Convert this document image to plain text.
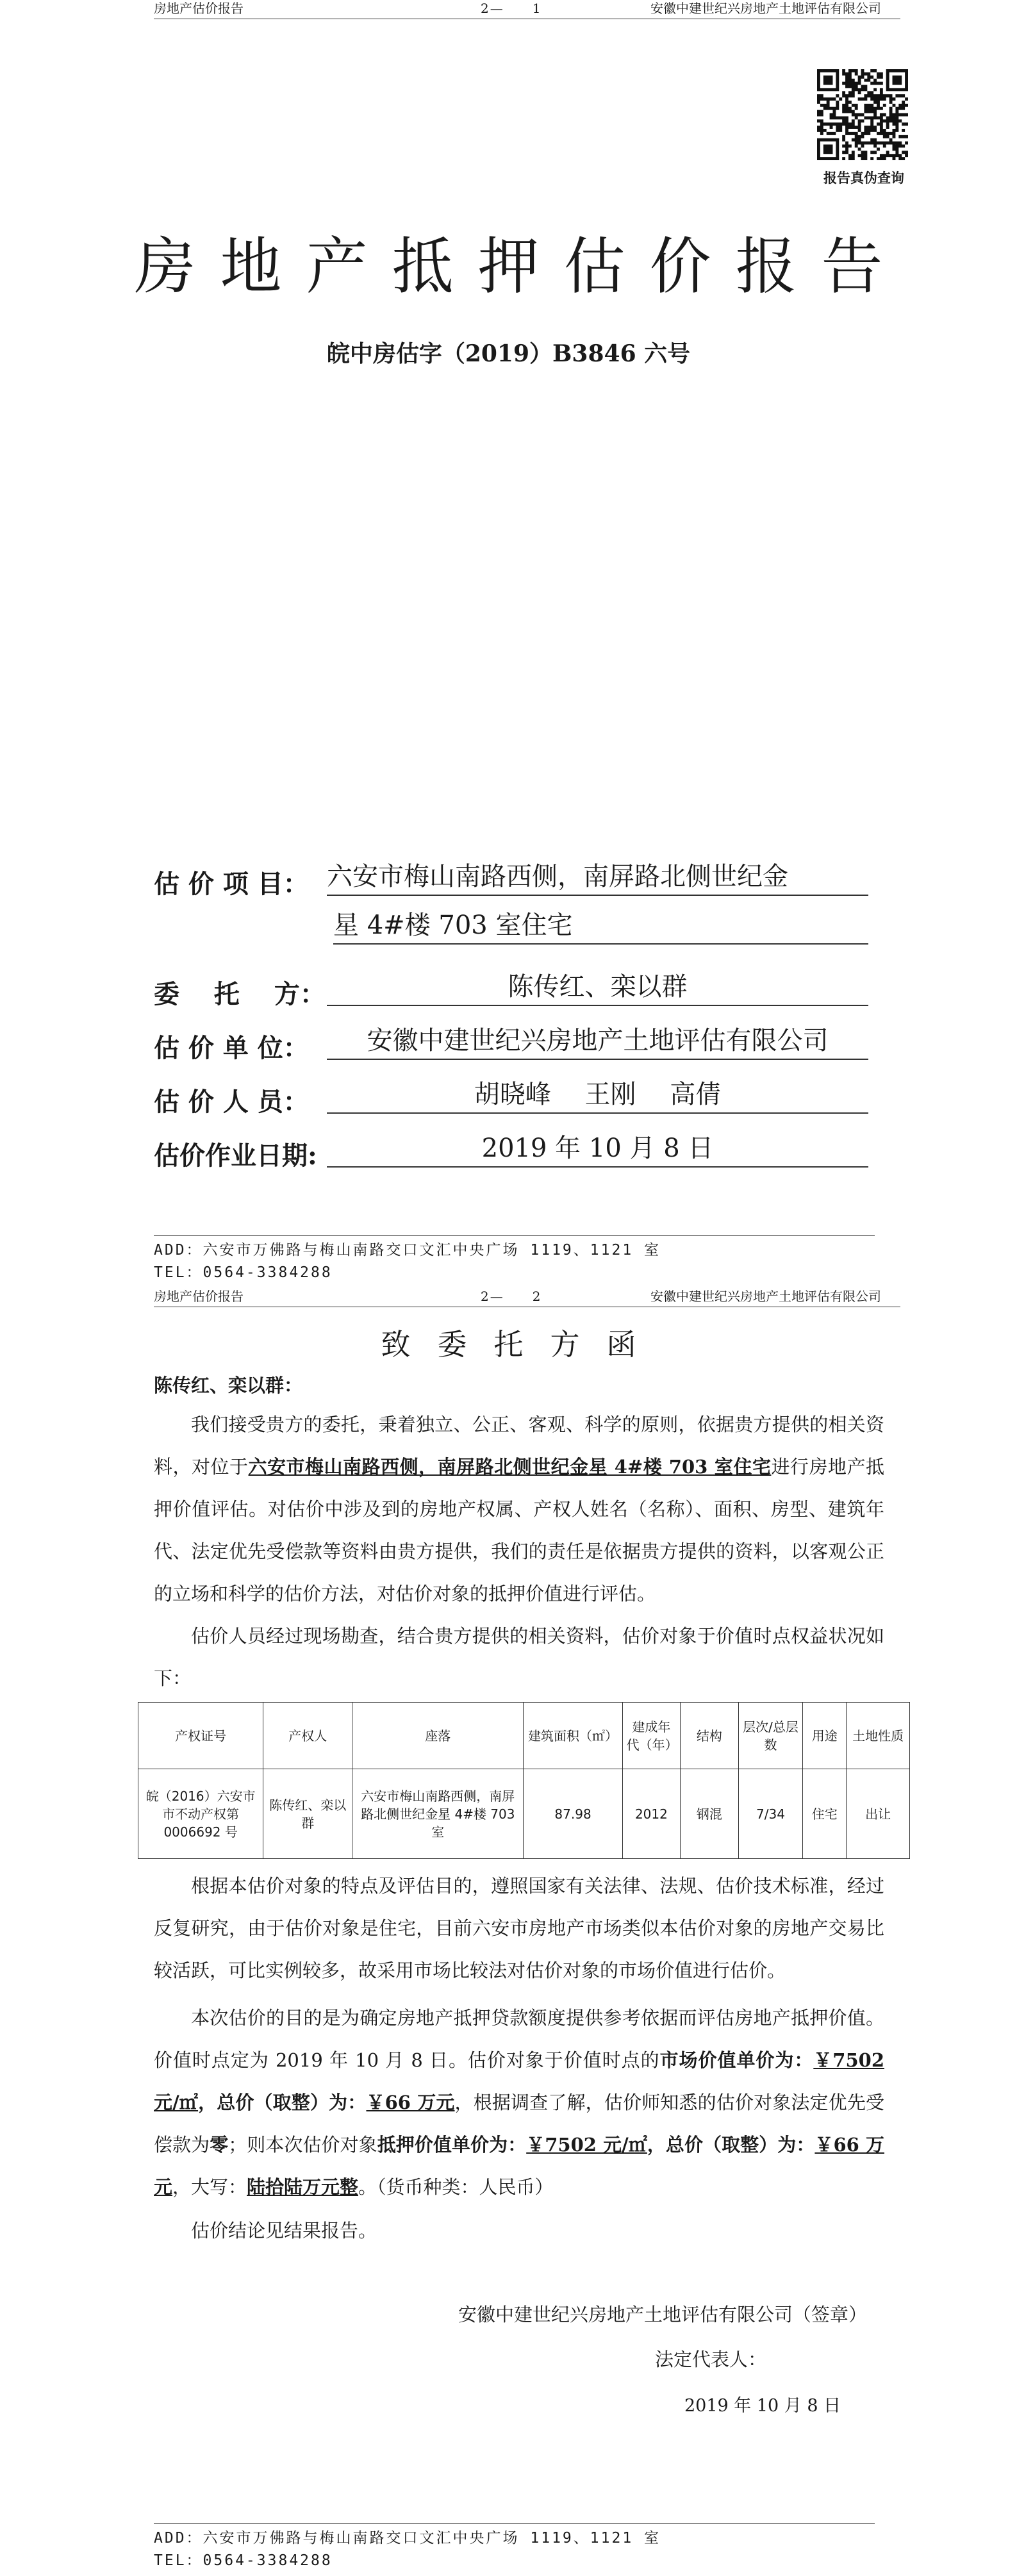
房地产估价报告	2—　　1	安徽中建世纪兴房地产土地评估有限公司
报告真伪查询
房地产抵押估价报告
皖中房估字（2019）B3846 六号
估 价 项 目： 六安市梅山南路西侧，南屏路北侧世纪金
星 4#楼 703 室住宅
委　 托　 方：	陈传红、栾以群
估 价 单 位：	安徽中建世纪兴房地产土地评估有限公司
估 价 人 员：	胡晓峰　 王刚　 高倩
估价作业日期:	2019 年 10 月 8 日
ADD：六安市万佛路与梅山南路交口文汇中央广场 1119、1121 室
TEL：0564-3384288
房地产估价报告	2—　　2	安徽中建世纪兴房地产土地评估有限公司
致委托方函
陈传红、栾以群：
我们接受贵方的委托，秉着独立、公正、客观、科学的原则，依据贵方提供的相关资料，对位于六安市梅山南路西侧，南屏路北侧世纪金星 4#楼 703 室住宅进行房地产抵押价值评估。对估价中涉及到的房地产权属、产权人姓名（名称）、面积、房型、建筑年代、法定优先受偿款等资料由贵方提供，我们的责任是依据贵方提供的资料，以客观公正的立场和科学的估价方法，对估价对象的抵押价值进行评估。
估价人员经过现场勘查，结合贵方提供的相关资料，估价对象于价值时点权益状况如下：
产权证号	产权人	座落	建筑面积（㎡）	建成年代（年）	结构	层次/总层数	用途	土地性质
皖（2016）六安市市不动产权第 0006692 号	陈传红、栾以群	六安市梅山南路西侧，南屏路北侧世纪金星 4#楼 703 室	87.98	2012	钢混	7/34	住宅	出让
根据本估价对象的特点及评估目的，遵照国家有关法律、法规、估价技术标准，经过反复研究，由于估价对象是住宅，目前六安市房地产市场类似本估价对象的房地产交易比较活跃，可比实例较多，故采用市场比较法对估价对象的市场价值进行估价。
本次估价的目的是为确定房地产抵押贷款额度提供参考依据而评估房地产抵押价值。价值时点定为 2019 年 10 月 8 日。估价对象于价值时点的市场价值单价为：￥7502 元/㎡，总价（取整）为：￥66 万元，根据调查了解，估价师知悉的估价对象法定优先受偿款为零；则本次估价对象抵押价值单价为：￥7502 元/㎡，总价（取整）为：￥66 万元，大写：陆拾陆万元整。（货币种类：人民币）
估价结论见结果报告。
安徽中建世纪兴房地产土地评估有限公司（签章）
法定代表人：
2019 年 10 月 8 日
ADD：六安市万佛路与梅山南路交口文汇中央广场 1119、1121 室
TEL：0564-3384288
